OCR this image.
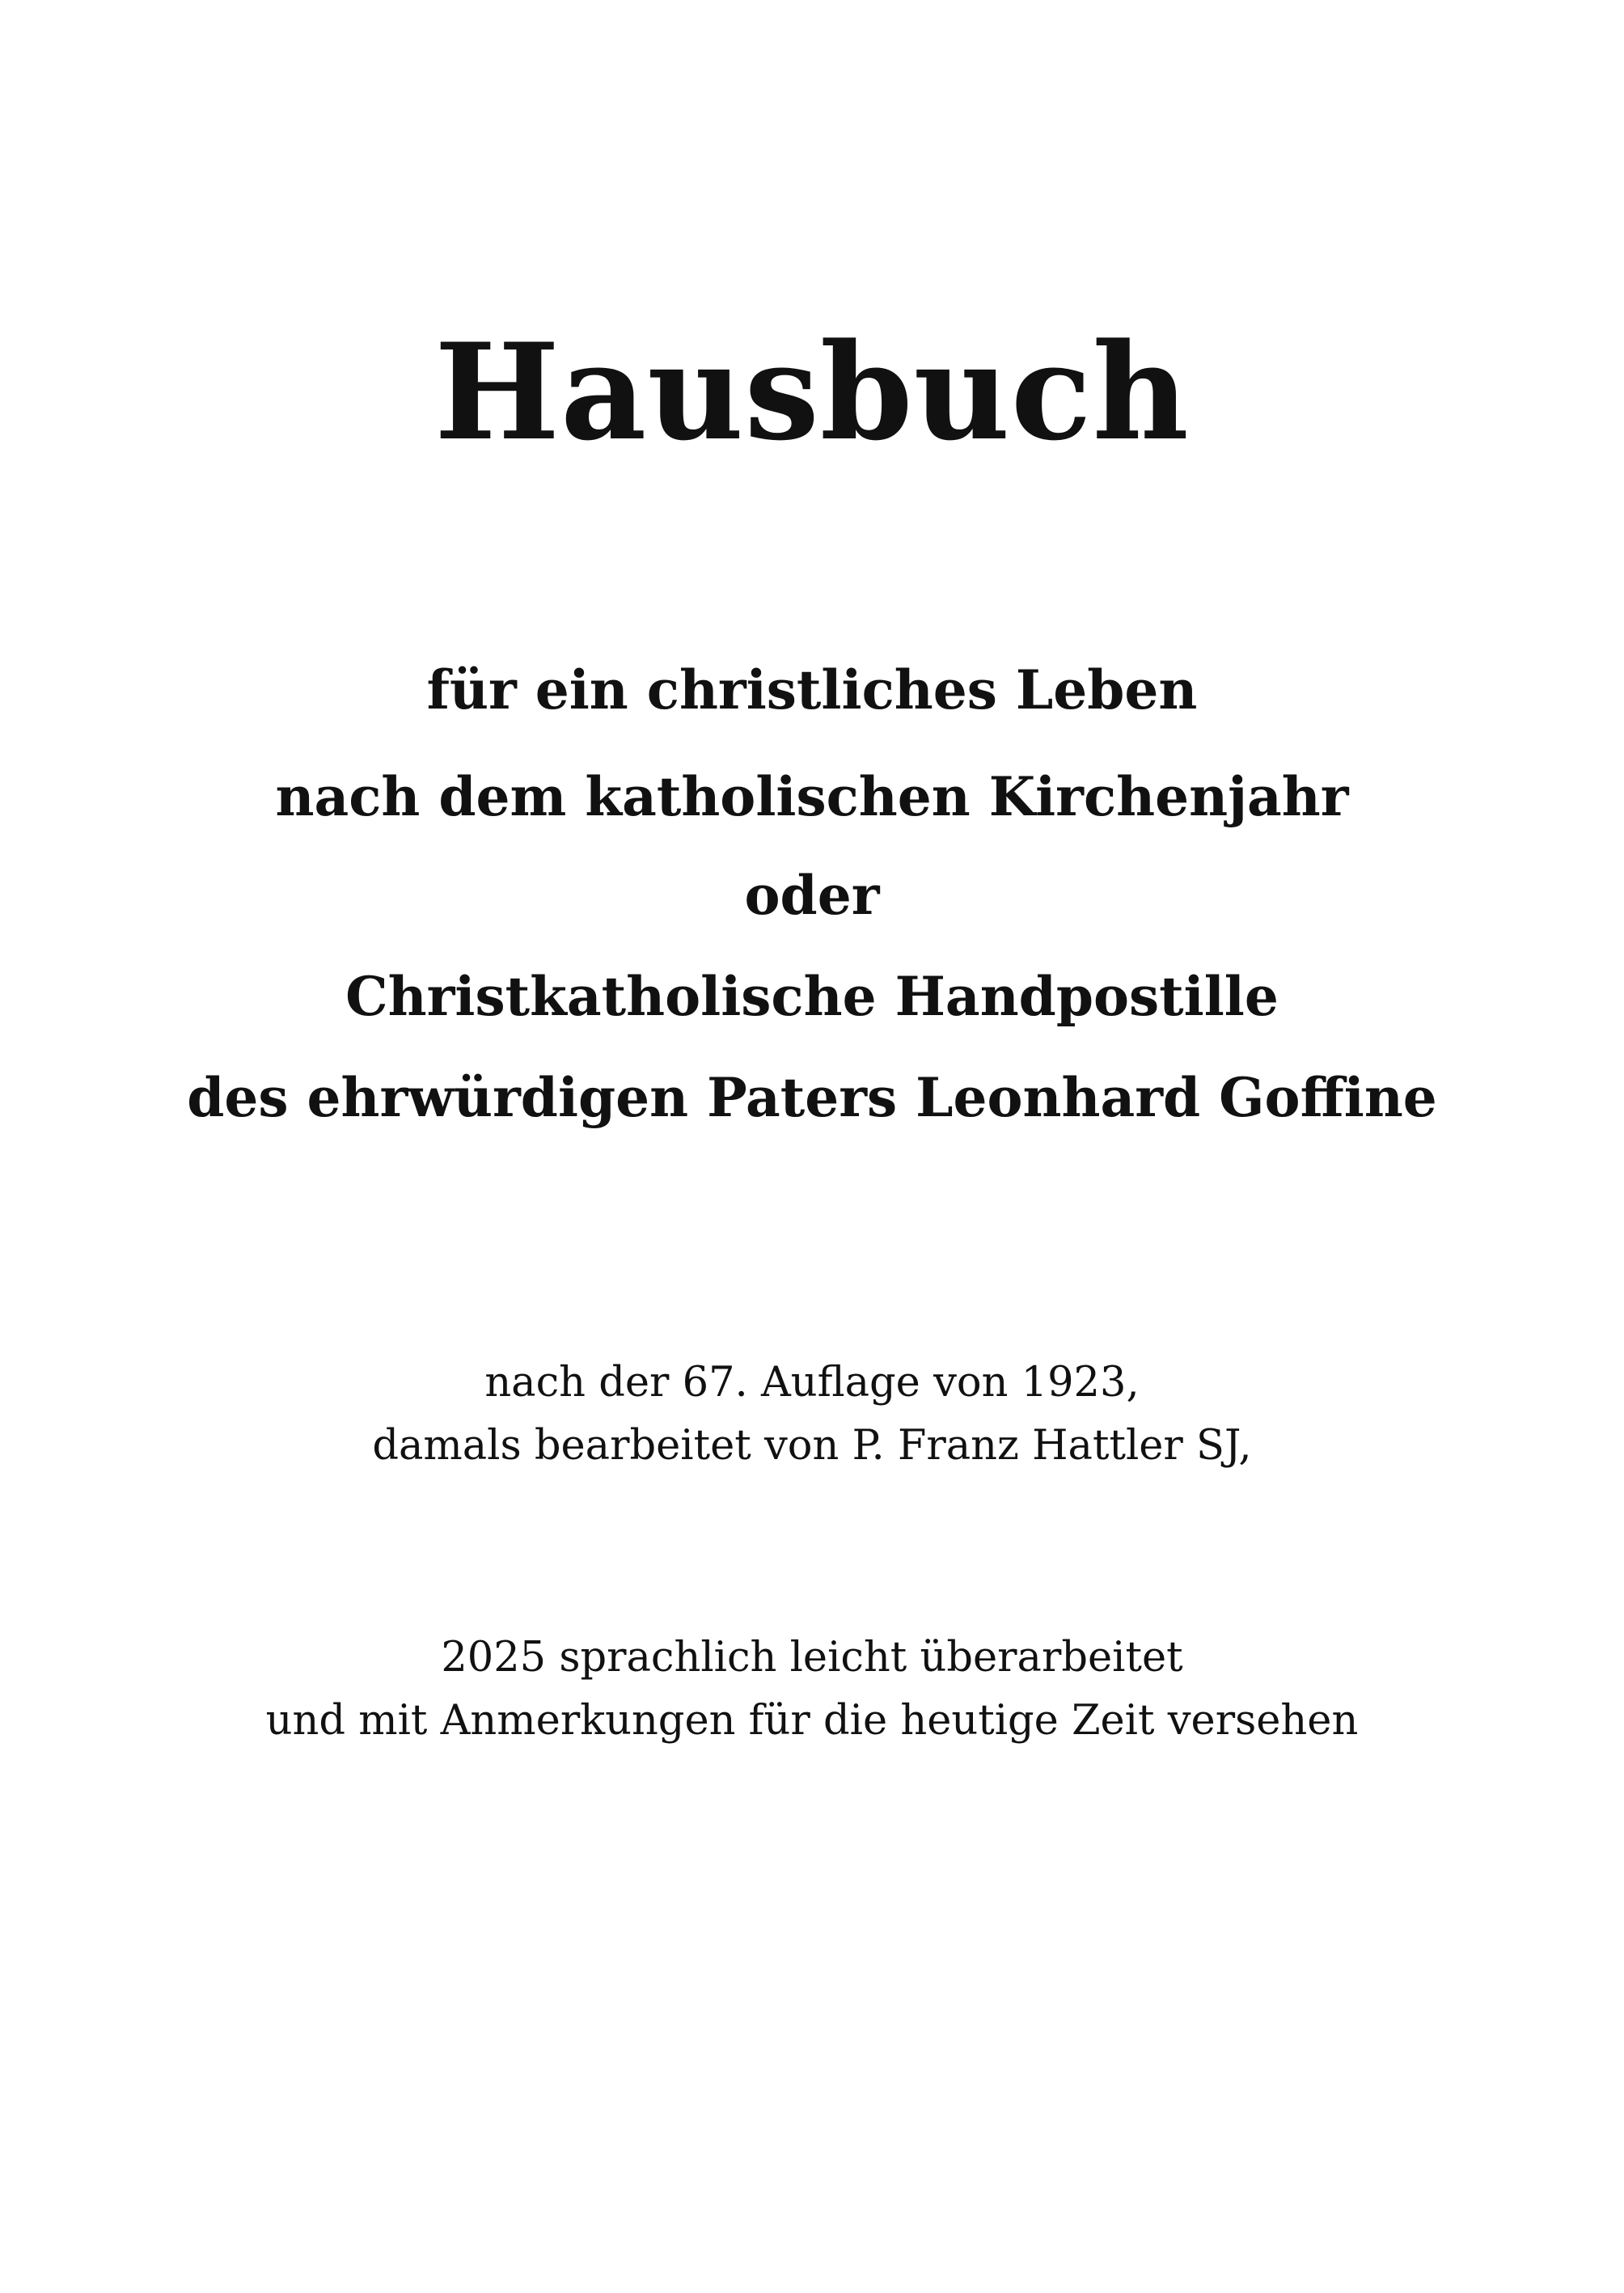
Hausbuch
für ein christliches Leben
nach dem katholischen Kirchenjahr
oder
Christkatholische Handpostille
des ehrwürdigen Paters Leonhard Goffine
nach der 67. Auflage von 1923,
damals bearbeitet von P. Franz Hattler SJ,
2025 sprachlich leicht überarbeitet
und mit Anmerkungen für die heutige Zeit versehen
